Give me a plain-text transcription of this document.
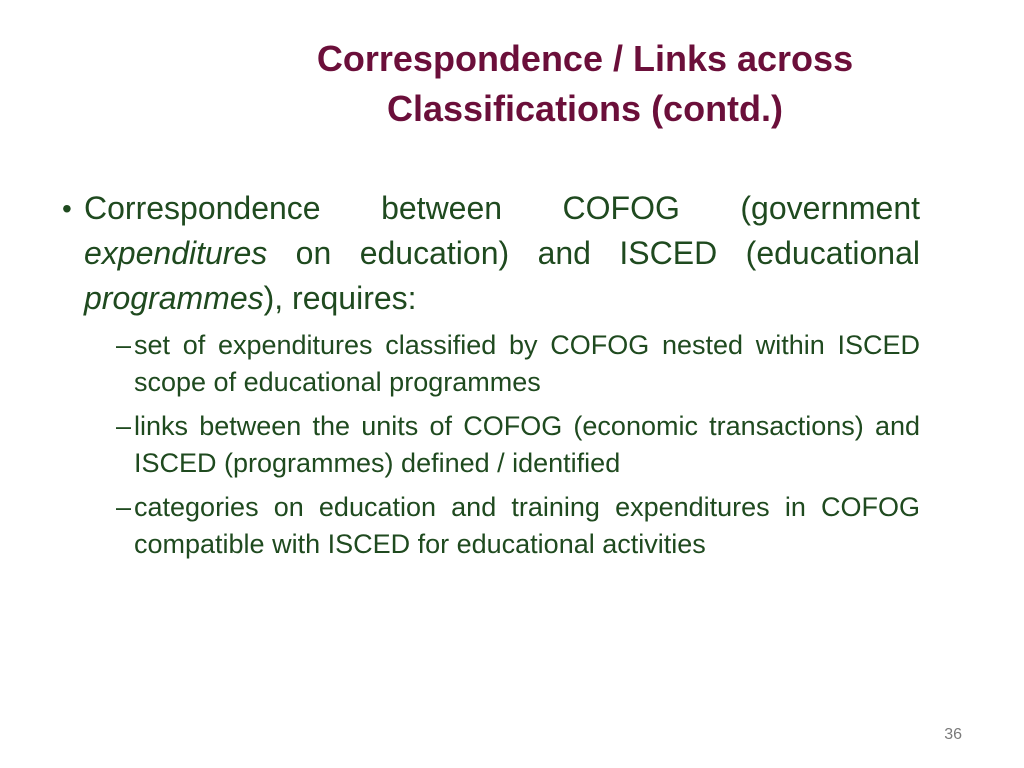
Correspondence / Links across
Classifications (contd.)
• Correspondence between COFOG (government expenditures on education) and ISCED (educational programmes), requires:
– set of expenditures classified by COFOG nested within ISCED scope of educational programmes
– links between the units of COFOG (economic transactions) and ISCED (programmes) defined / identified
– categories on education and training expenditures in COFOG compatible with ISCED for educational activities
36
